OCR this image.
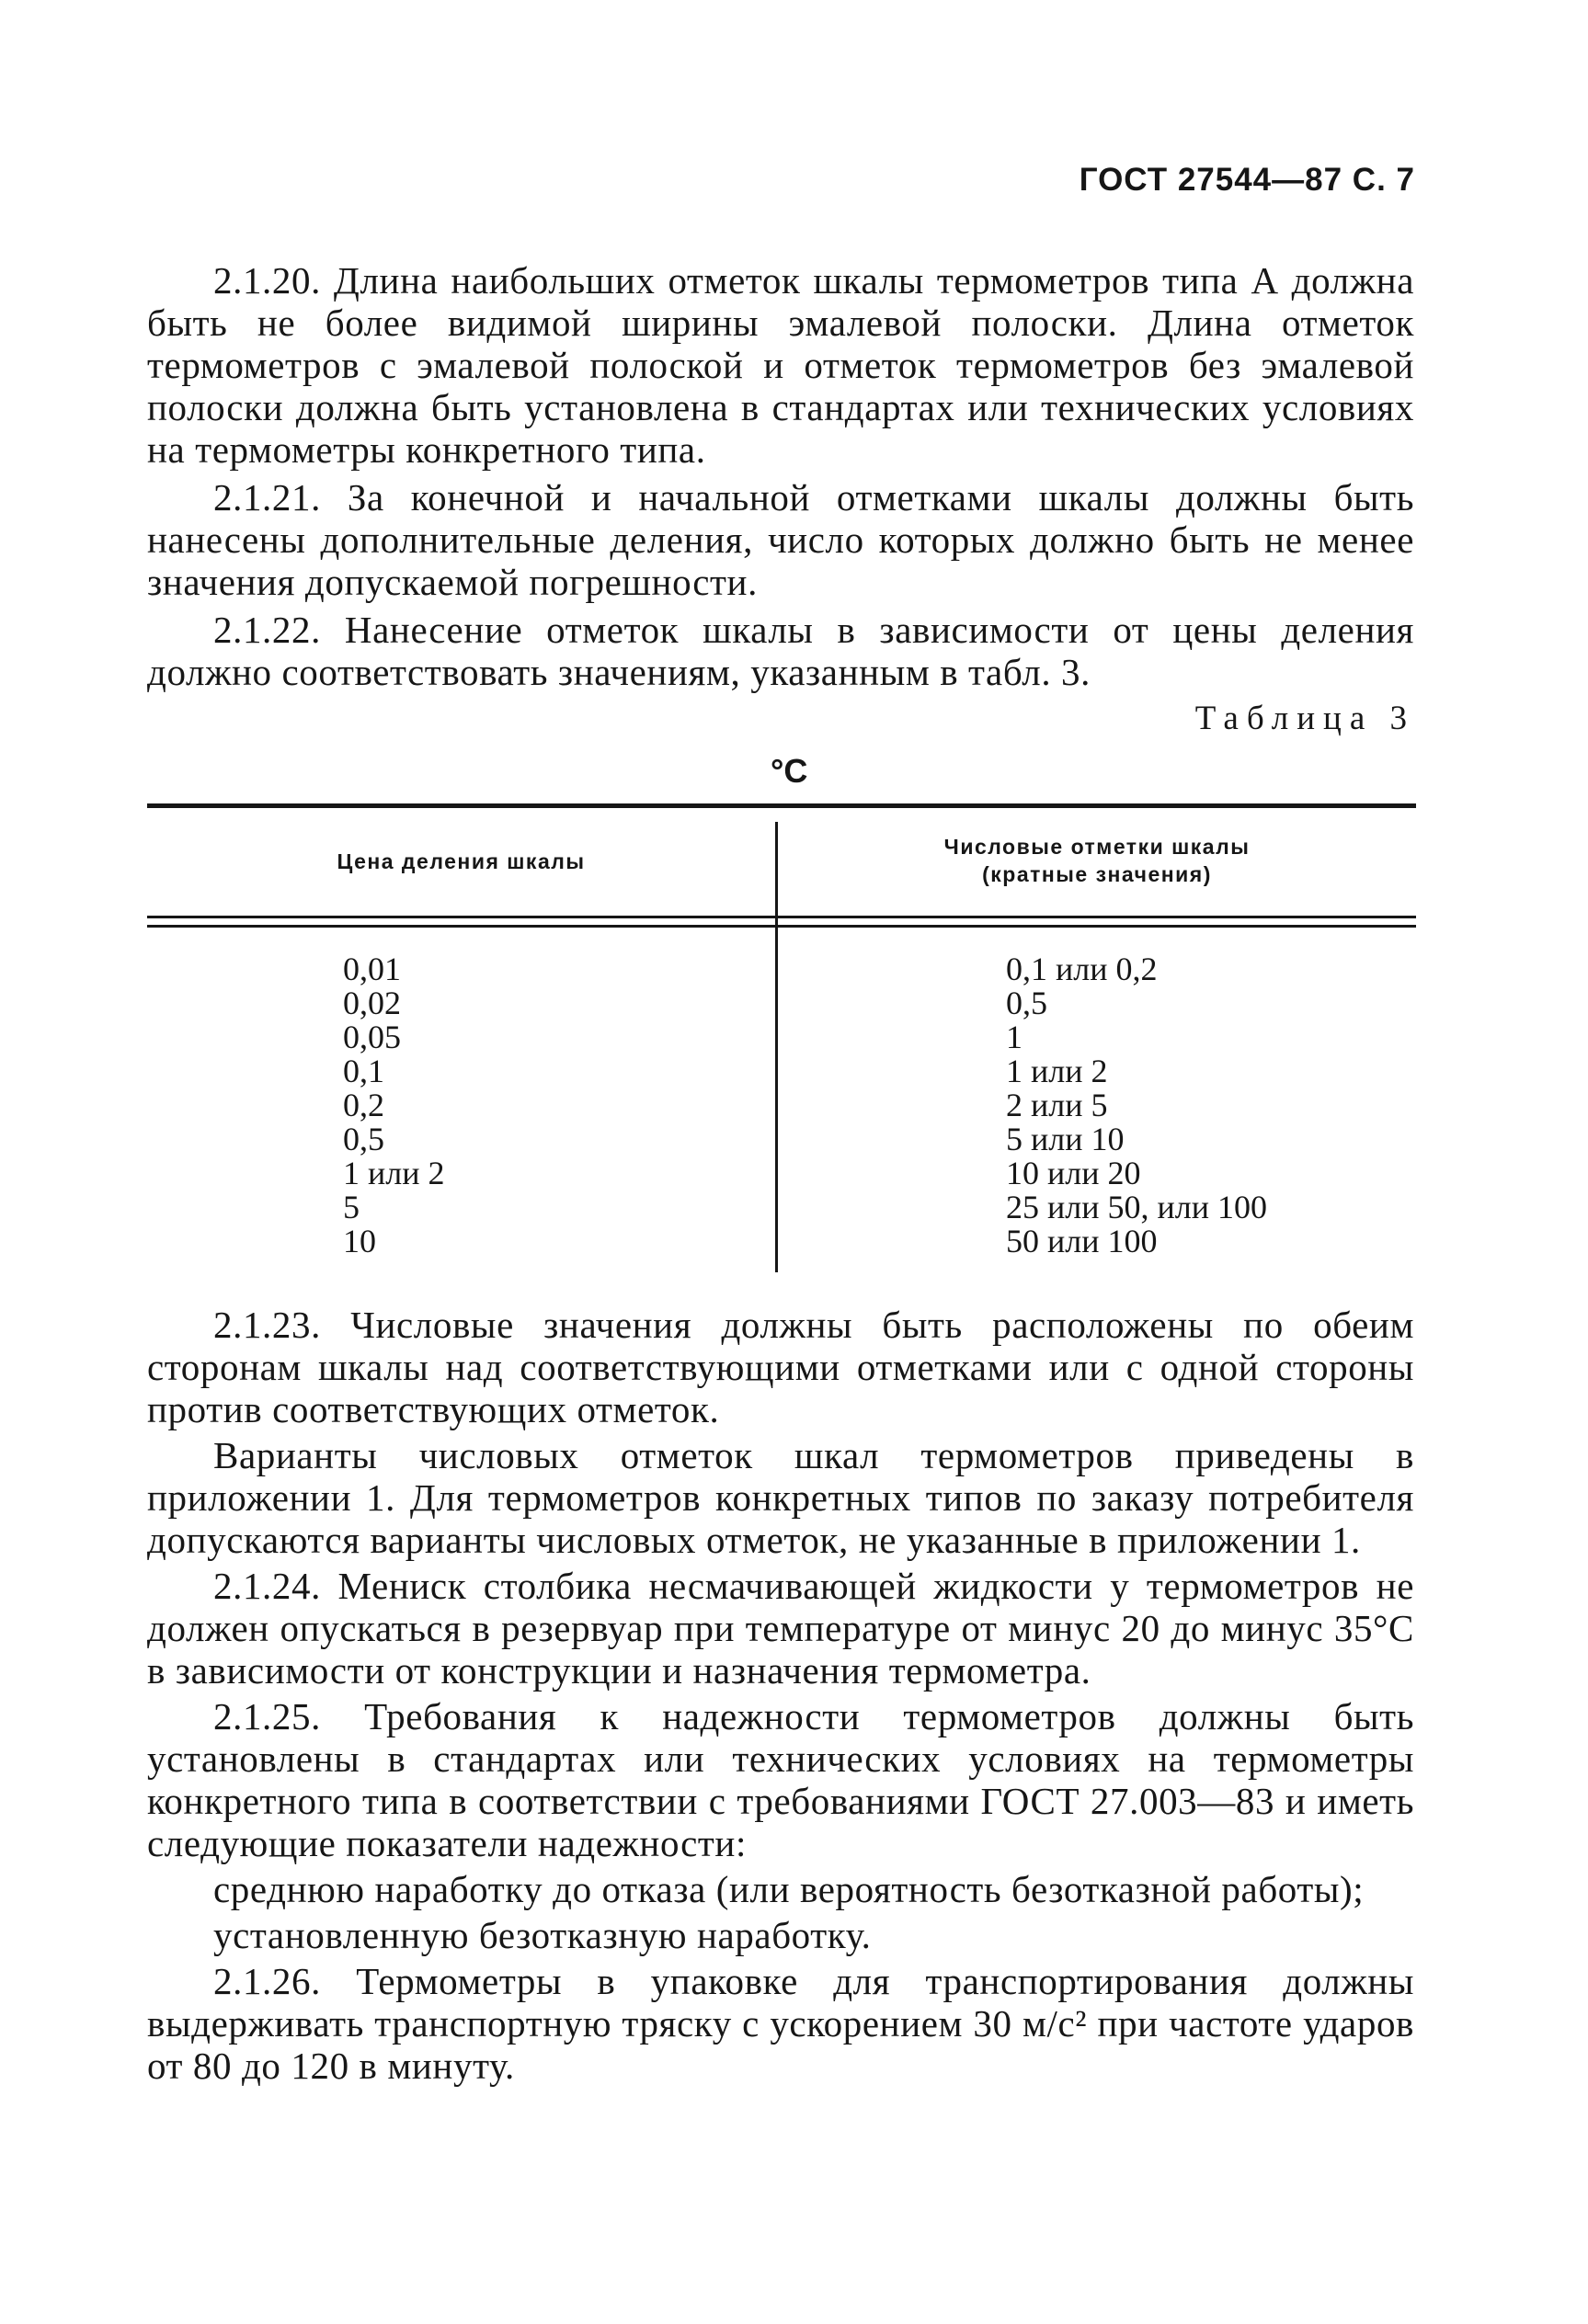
ГОСТ 27544—87 С. 7

2.1.20. Длина наибольших отметок шкалы термометров типа А должна быть не более видимой ширины эмалевой полоски. Длина отметок термометров с эмалевой полоской и отметок термометров без эмалевой полоски должна быть установлена в стандартах или технических условиях на термометры конкретного типа.

2.1.21. За конечной и начальной отметками шкалы должны быть нанесены дополнительные деления, число которых должно быть не менее значения допускаемой погрешности.

2.1.22. Нанесение отметок шкалы в зависимости от цены деления должно соответствовать значениям, указанным в табл. 3.

Таблица 3
°C
Цена деления шкалы
Числовые отметки шкалы
(кратные значения)
0,01
0,02
0,05
0,1
0,2
0,5
1 или 2
5
10
0,1 или 0,2
0,5
1
1 или 2
2 или 5
5 или 10
10 или 20
25 или 50, или 100
50 или 100

2.1.23. Числовые значения должны быть расположены по обеим сторонам шкалы над соответствующими отметками или с одной стороны против соответствующих отметок.

Варианты числовых отметок шкал термометров приведены в приложении 1. Для термометров конкретных типов по заказу потребителя допускаются варианты числовых отметок, не указанные в приложении 1.

2.1.24. Мениск столбика несмачивающей жидкости у термометров не должен опускаться в резервуар при температуре от минус 20 до минус 35°C в зависимости от конструкции и назначения термометра.

2.1.25. Требования к надежности термометров должны быть установлены в стандартах или технических условиях на термометры конкретного типа в соответствии с требованиями ГОСТ 27.003—83 и иметь следующие показатели надежности:

среднюю наработку до отказа (или вероятность безотказной работы);

установленную безотказную наработку.

2.1.26. Термометры в упаковке для транспортирования должны выдерживать транспортную тряску с ускорением 30 м/с² при частоте ударов от 80 до 120 в минуту.
